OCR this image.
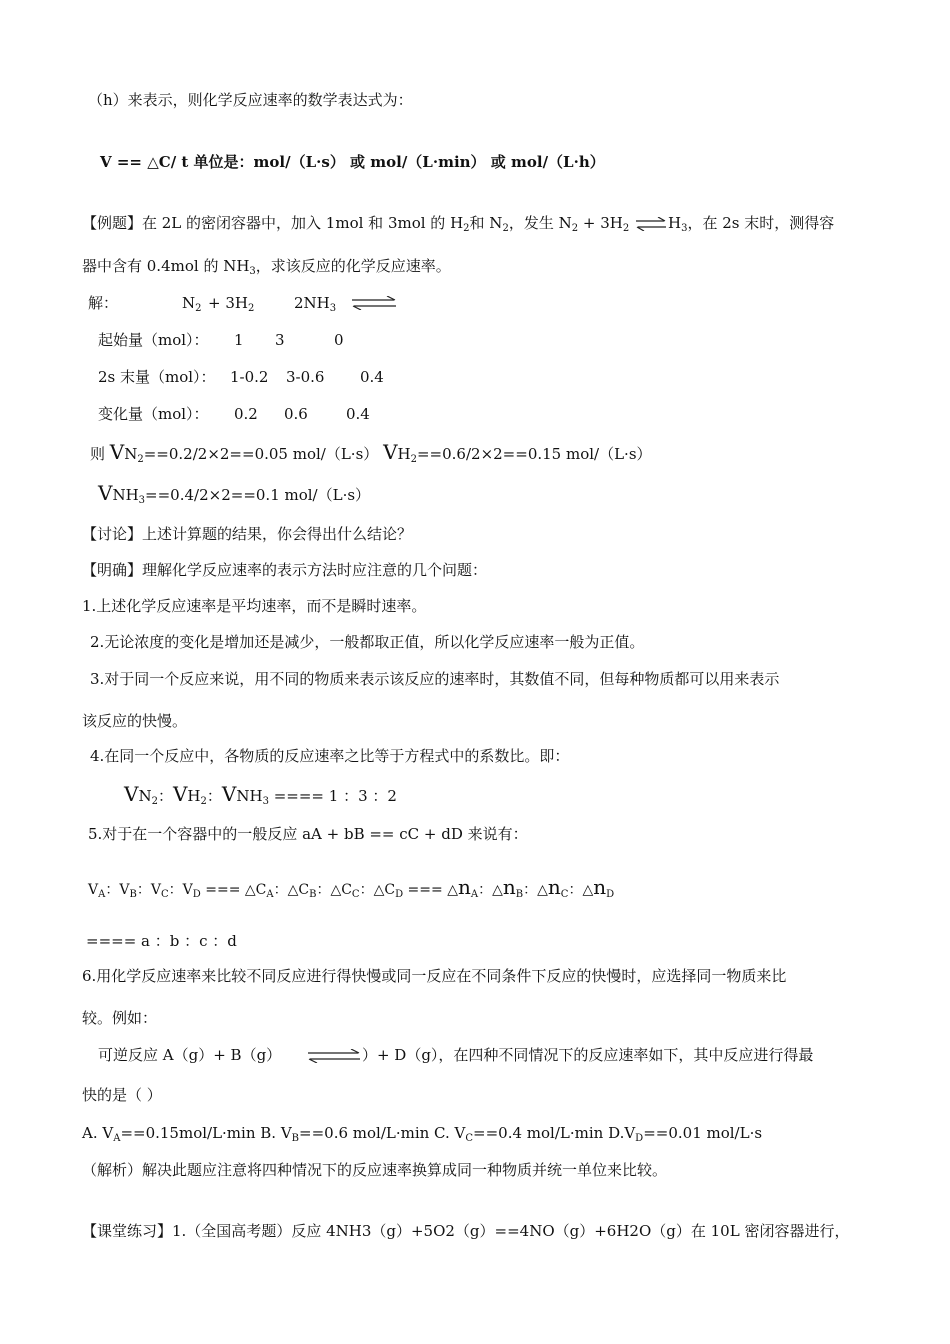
（h）来表示，则化学反应速率的数学表达式为：
V == △C/ t 单位是：mol/（L·s） 或 mol/（L·min） 或 mol/（L·h）
【例题】在 2L 的密闭容器中，加入 1mol 和 3mol 的 $H_2$和 $N_2$，发生 $N_2 + 3H_2$ $\rightleftharpoons H_3$，在 2s 末时，测得容
器中含有 0.4mol 的 $NH_3$，求该反应的化学反应速率。
解：	$N_2 + 3H_2$	$2NH_3$ ⇌
起始量（mol）： 1 3	0
2s 末量（mol）： 1-0.2 3-0.6 0.4
变化量（mol）： 0.2 0.6	0.4
则 $VN_2==0.2/2\times 2==0.05$ mol/（L·s） $VH_2==0.6/2\times 2==0.15$ mol/（L·s）
$VNH_3==0.4/2\times 2==0.1$ mol/（L·s）
【讨论】上述计算题的结果，你会得出什么结论？
【明确】理解化学反应速率的表示方法时应注意的几个问题：
1.上述化学反应速率是平均速率，而不是瞬时速率。
2.无论浓度的变化是增加还是减少，一般都取正值，所以化学反应速率一般为正值。
3.对于同一个反应来说，用不同的物质来表示该反应的速率时，其数值不同，但每种物质都可以用来表示
该反应的快慢。
4.在同一个反应中，各物质的反应速率之比等于方程式中的系数比。即：
$VN_2$：$VH_2$：$VNH_3$ ==== 1 ：3 ：2
5.对于在一个容器中的一般反应 aA + bB == cC + dD 来说有：
$V_A$：$V_B$：$V_C$：$V_D$ === $\triangle C_A$：$\triangle C_B$：$\triangle C_C$：$\triangle C_D$ === $\triangle n_A$：$\triangle n_B$：$\triangle n_C$：$\triangle n_D$
==== a ：b ：c ：d
6.用化学反应速率来比较不同反应进行得快慢或同一反应在不同条件下反应的快慢时，应选择同一物质来比
较。例如：
可逆反应 A（g）+ B（g） ⇌）+ D（g），在四种不同情况下的反应速率如下，其中反应进行得最
快的是（ ）
A. $V_A==0.15mol/L\cdot\min$ B. $V_B==0.6$ mol/L·min C. $V_C==0.4$ mol/L·min $D.V_D==0.01$ mol/L·s
（解析）解决此题应注意将四种情况下的反应速率换算成同一种物质并统一单位来比较。
【课堂练习】1.（全国高考题）反应 4NH3（g）+5O2（g）==4NO（g）+6H2O（g）在 10L 密闭容器进行，
